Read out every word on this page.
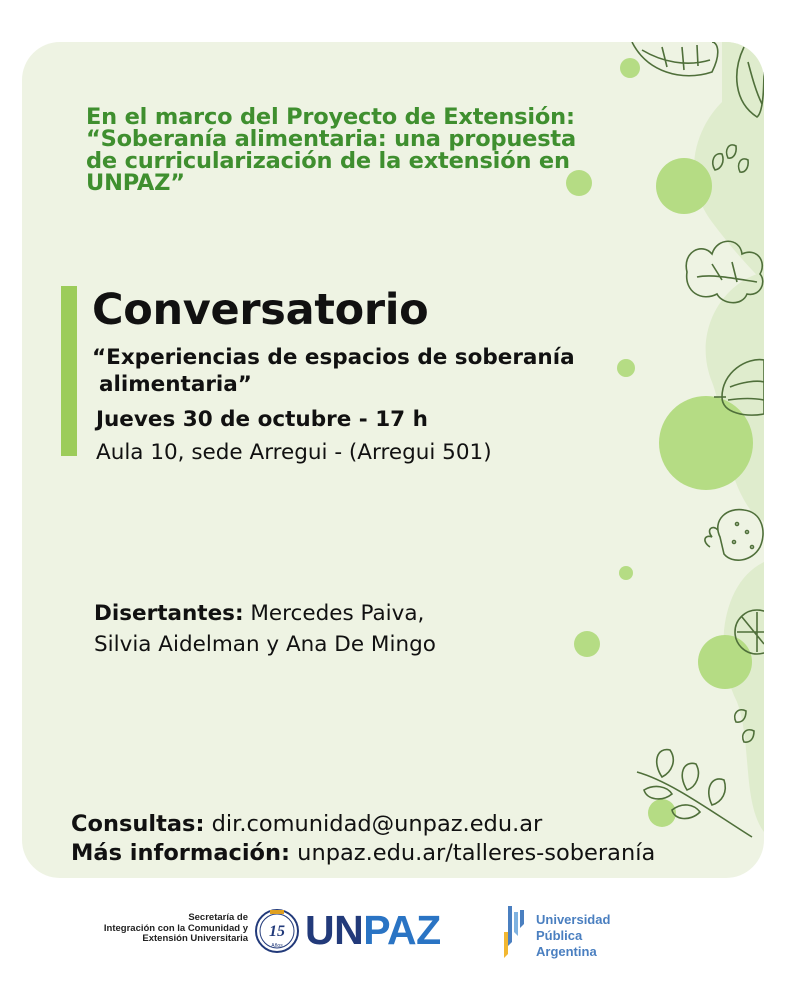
En el marco del Proyecto de Extensión:
“Soberanía alimentaria: una propuesta
de curricularización de la extensión en
UNPAZ”
Conversatorio
“Experiencias de espacios de soberanía
alimentaria”
Jueves 30 de octubre - 17 h
Aula 10, sede Arregui - (Arregui 501)
Disertantes: Mercedes Paiva,
Silvia Aidelman y Ana De Mingo
Consultas: dir.comunidad@unpaz.edu.ar
Más información: unpaz.edu.ar/talleres-soberanía
Secretaría de
Integración con la Comunidad y
Extensión Universitaria 15
Años UNPAZ	Universidad
Pública
Argentina
